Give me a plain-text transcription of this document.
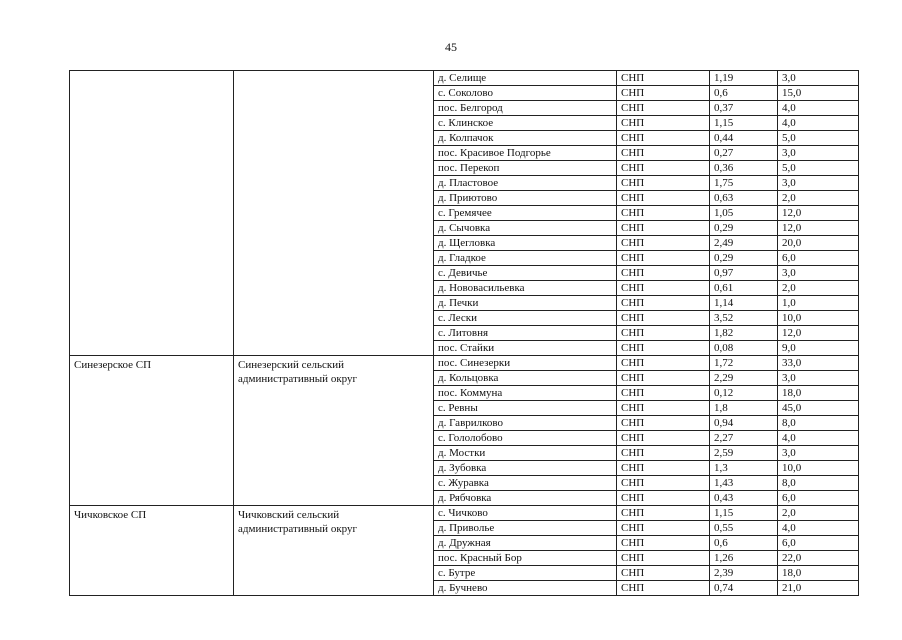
45
		д. Селище	СНП	1,19	3,0
		с. Соколово	СНП	0,6	15,0
		пос. Белгород	СНП	0,37	4,0
		с. Клинское	СНП	1,15	4,0
		д. Колпачок	СНП	0,44	5,0
		пос. Красивое Подгорье	СНП	0,27	3,0
		пос. Перекоп	СНП	0,36	5,0
		д. Пластовое	СНП	1,75	3,0
		д. Приютово	СНП	0,63	2,0
		с. Гремячее	СНП	1,05	12,0
		д. Сычовка	СНП	0,29	12,0
		д. Щегловка	СНП	2,49	20,0
		д. Гладкое	СНП	0,29	6,0
		с. Девичье	СНП	0,97	3,0
		д. Нововасильевка	СНП	0,61	2,0
		д. Печки	СНП	1,14	1,0
		с. Лески	СНП	3,52	10,0
		с. Литовня	СНП	1,82	12,0
		пос. Стайки	СНП	0,08	9,0
Синезерское СП	Синезерский сельский административный округ	пос. Синезерки	СНП	1,72	33,0
		д. Кольцовка	СНП	2,29	3,0
		пос. Коммуна	СНП	0,12	18,0
		с. Ревны	СНП	1,8	45,0
		д. Гаврилково	СНП	0,94	8,0
		с. Гололобово	СНП	2,27	4,0
		д. Мостки	СНП	2,59	3,0
		д. Зубовка	СНП	1,3	10,0
		с. Журавка	СНП	1,43	8,0
		д. Рябчовка	СНП	0,43	6,0
Чичковское СП	Чичковский сельский административный округ	с. Чичково	СНП	1,15	2,0
		д. Приволье	СНП	0,55	4,0
		д. Дружная	СНП	0,6	6,0
		пос. Красный Бор	СНП	1,26	22,0
		с. Бутре	СНП	2,39	18,0
		д. Бучнево	СНП	0,74	21,0
